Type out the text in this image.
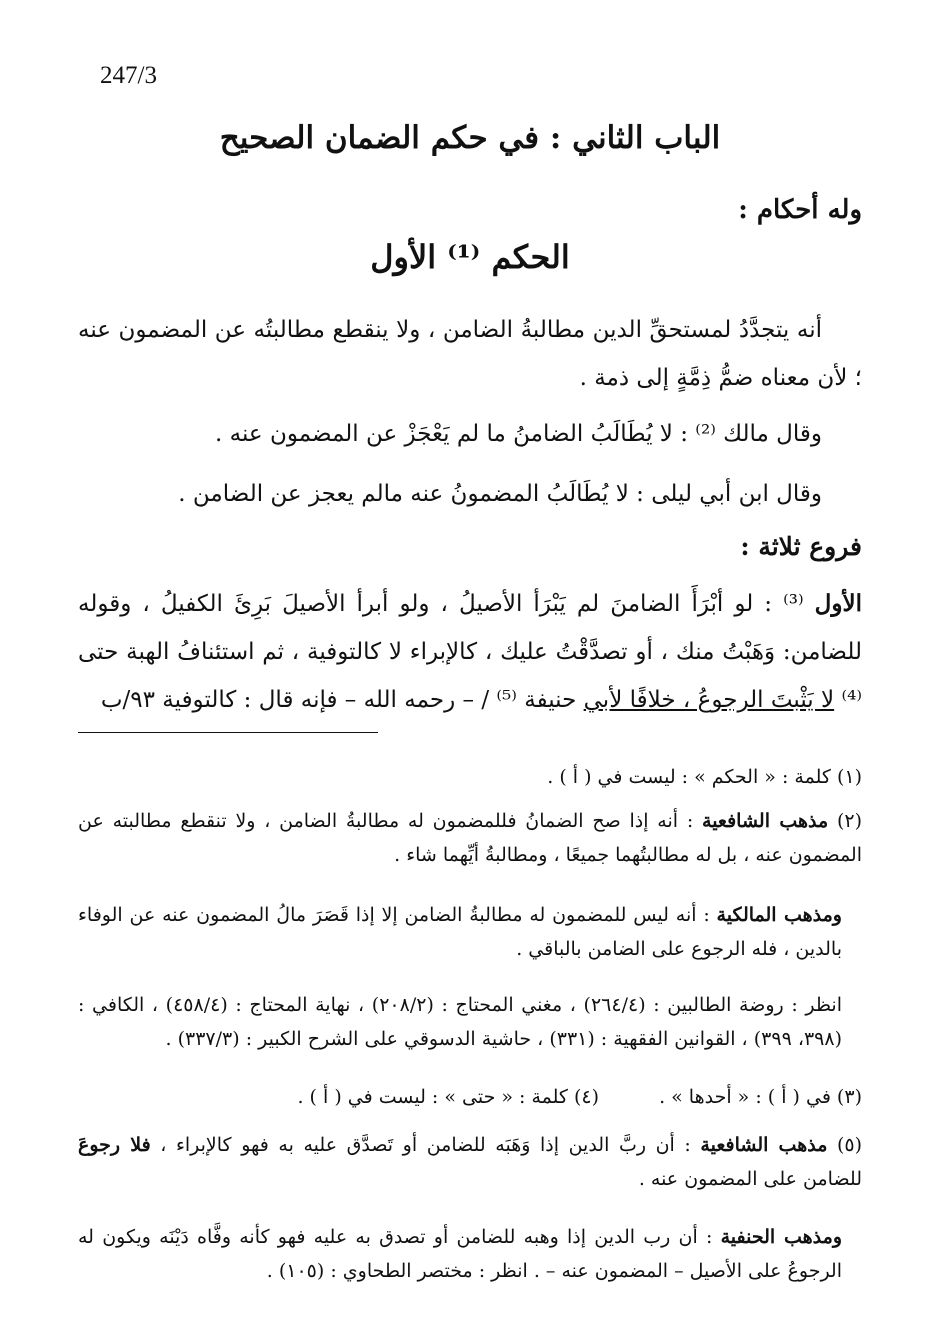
247/3
الباب الثاني : في حكم الضمان الصحيح
وله أحكام :
الحكم ⁽¹⁾ الأول
أنه يتجدَّدُ لمستحقِّ الدين مطالبةُ الضامن ، ولا ينقطع مطالبتُه عن المضمون عنه ؛ لأن معناه ضمُّ ذِمَّةٍ إلى ذمة .
وقال مالك ⁽²⁾ : لا يُطَالَبُ الضامنُ ما لم يَعْجَزْ عن المضمون عنه .
وقال ابن أبي ليلى : لا يُطَالَبُ المضمونُ عنه مالم يعجز عن الضامن .
فروع ثلاثة :
الأول ⁽³⁾ : لو أبْرَأَ الضامنَ لم يَبْرَأ الأصيلُ ، ولو أبرأ الأصيلَ بَرِئَ الكفيلُ ، وقوله للضامن: وَهَبْتُ منك ، أو تصدَّقْتُ عليك ، كالإبراء لا كالتوفية ، ثم استئنافُ الهبة حتى ⁽⁴⁾ لا يَثْبتَ الرجوعُ ، خلافًا لأبي حنيفة ⁽⁵⁾ / – رحمه الله – فإنه قال : كالتوفية ٩٣/ب
(١) كلمة : « الحكم » : ليست في ( أ ) .
(٢) مذهب الشافعية : أنه إذا صح الضمانُ فللمضمون له مطالبةُ الضامن ، ولا تنقطع مطالبته عن المضمون عنه ، بل له مطالبتُهما جميعًا ، ومطالبةُ أيِّهما شاء .
ومذهب المالكية : أنه ليس للمضمون له مطالبةُ الضامن إلا إذا قَصَرَ مالُ المضمون عنه عن الوفاء بالدين ، فله الرجوع على الضامن بالباقي .
انظر : روضة الطالبين : (٢٦٤/٤) ، مغني المحتاج : (٢٠٨/٢) ، نهاية المحتاج : (٤٥٨/٤) ، الكافي : (٣٩٨، ٣٩٩) ، القوانين الفقهية : (٣٣١) ، حاشية الدسوقي على الشرح الكبير : (٣٣٧/٣) .
(٣) في ( أ ) : « أحدها » .
(٤) كلمة : « حتى » : ليست في ( أ ) .
(٥) مذهب الشافعية : أن ربَّ الدين إذا وَهَبَه للضامن أو تَصدَّق عليه به فهو كالإبراء ، فلا رجوعَ للضامن على المضمون عنه .
ومذهب الحنفية : أن رب الدين إذا وهبه للضامن أو تصدق به عليه فهو كأنه وفَّاه دَيْنَه ويكون له الرجوعُ على الأصيل – المضمون عنه – . انظر : مختصر الطحاوي : (١٠٥) .
